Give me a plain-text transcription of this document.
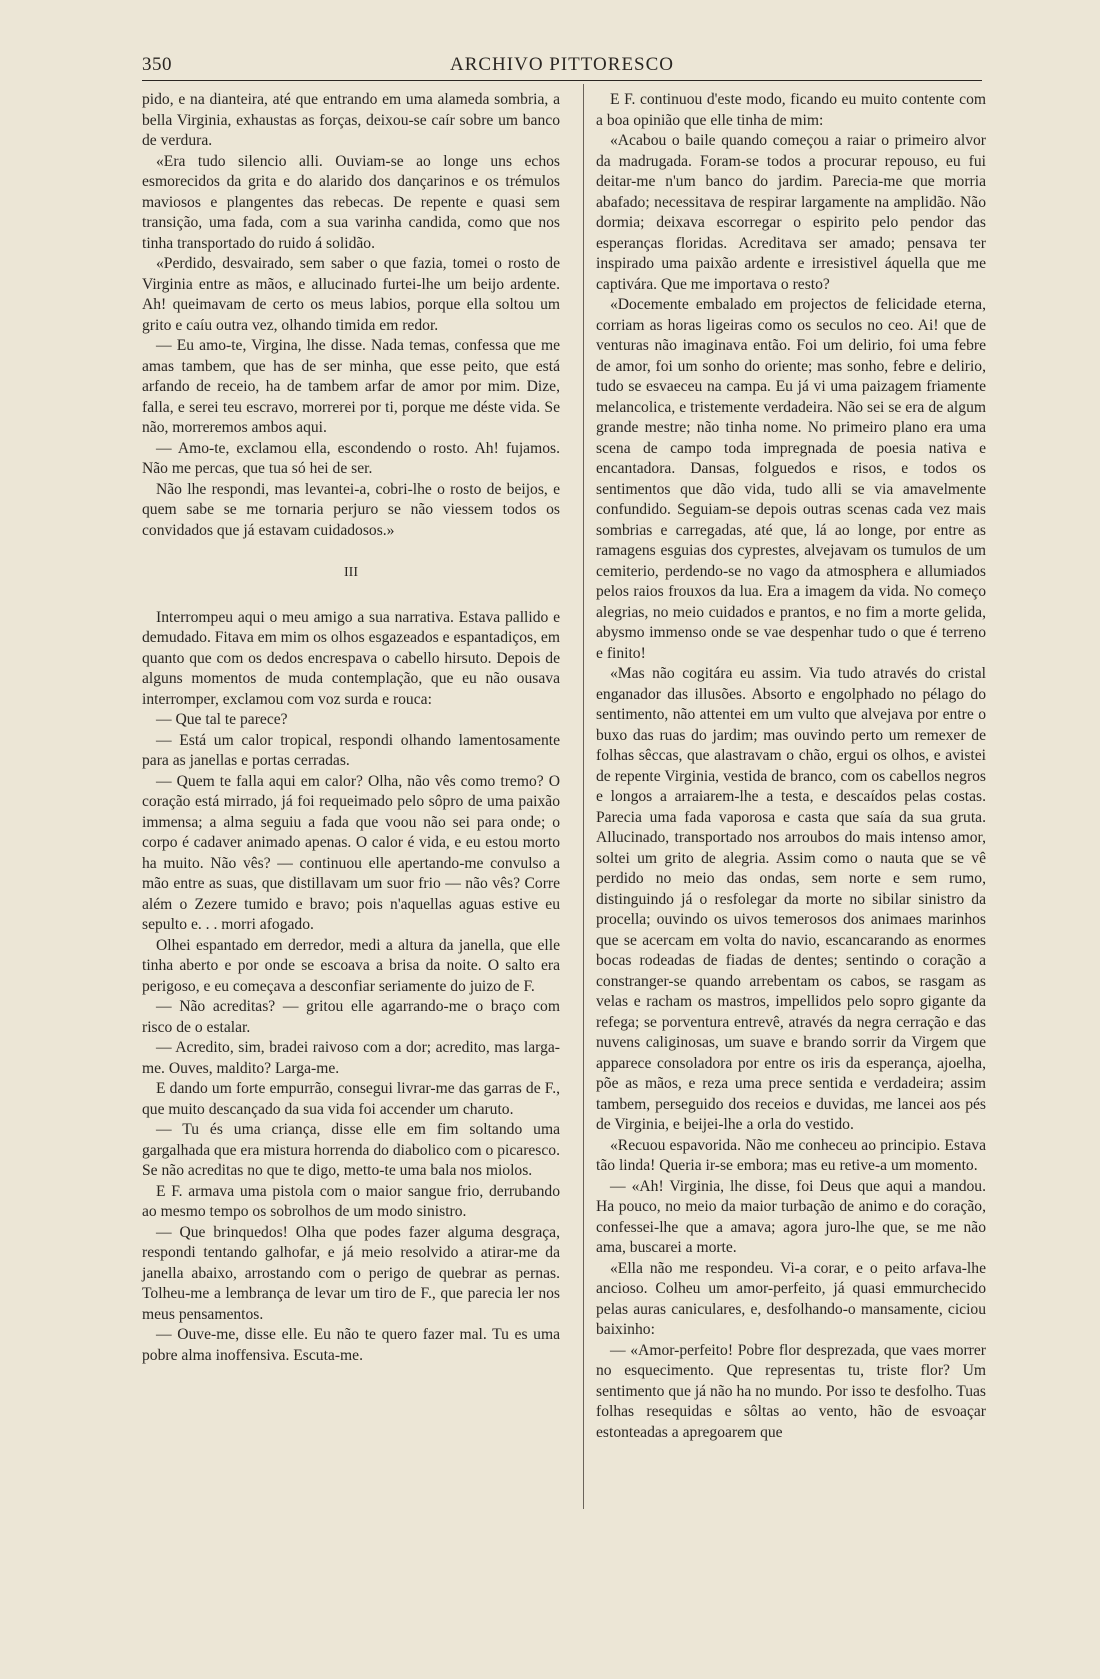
350	ARCHIVO PITTORESCO

pido, e na dianteira, até que entrando em uma alameda sombria, a bella Virginia, exhaustas as forças, deixou-se caír sobre um banco de verdura.

«Era tudo silencio alli. Ouviam-se ao longe uns echos esmorecidos da grita e do alarido dos dançarinos e os trémulos maviosos e plangentes das rebecas. De repente e quasi sem transição, uma fada, com a sua varinha candida, como que nos tinha transportado do ruido á solidão.

«Perdido, desvairado, sem saber o que fazia, tomei o rosto de Virginia entre as mãos, e allucinado furtei-lhe um beijo ardente. Ah! queimavam de certo os meus labios, porque ella soltou um grito e caíu outra vez, olhando timida em redor.

— Eu amo-te, Virgina, lhe disse. Nada temas, confessa que me amas tambem, que has de ser minha, que esse peito, que está arfando de receio, ha de tambem arfar de amor por mim. Dize, falla, e serei teu escravo, morrerei por ti, porque me déste vida. Se não, morreremos ambos aqui.

— Amo-te, exclamou ella, escondendo o rosto. Ah! fujamos. Não me percas, que tua só hei de ser.

Não lhe respondi, mas levantei-a, cobri-lhe o rosto de beijos, e quem sabe se me tornaria perjuro se não viessem todos os convidados que já estavam cuidadosos.»

III

Interrompeu aqui o meu amigo a sua narrativa. Estava pallido e demudado. Fitava em mim os olhos esgazeados e espantadiços, em quanto que com os dedos encrespava o cabello hirsuto. Depois de alguns momentos de muda contemplação, que eu não ousava interromper, exclamou com voz surda e rouca:

— Que tal te parece?

— Está um calor tropical, respondi olhando lamentosamente para as janellas e portas cerradas.

— Quem te falla aqui em calor? Olha, não vês como tremo? O coração está mirrado, já foi requeimado pelo sôpro de uma paixão immensa; a alma seguiu a fada que voou não sei para onde; o corpo é cadaver animado apenas. O calor é vida, e eu estou morto ha muito. Não vês? — continuou elle apertando-me convulso a mão entre as suas, que distillavam um suor frio — não vês? Corre além o Zezere tumido e bravo; pois n'aquellas aguas estive eu sepulto e. . . morri afogado.

Olhei espantado em derredor, medi a altura da janella, que elle tinha aberto e por onde se escoava a brisa da noite. O salto era perigoso, e eu começava a desconfiar seriamente do juizo de F.

— Não acreditas? — gritou elle agarrando-me o braço com risco de o estalar.

— Acredito, sim, bradei raivoso com a dor; acredito, mas larga-me. Ouves, maldito? Larga-me.

E dando um forte empurrão, consegui livrar-me das garras de F., que muito descançado da sua vida foi accender um charuto.

— Tu és uma criança, disse elle em fim soltando uma gargalhada que era mistura horrenda do diabolico com o picaresco. Se não acreditas no que te digo, metto-te uma bala nos miolos.

E F. armava uma pistola com o maior sangue frio, derrubando ao mesmo tempo os sobrolhos de um modo sinistro.

— Que brinquedos! Olha que podes fazer alguma desgraça, respondi tentando galhofar, e já meio resolvido a atirar-me da janella abaixo, arrostando com o perigo de quebrar as pernas. Tolheu-me a lembrança de levar um tiro de F., que parecia ler nos meus pensamentos.

— Ouve-me, disse elle. Eu não te quero fazer mal. Tu es uma pobre alma inoffensiva. Escuta-me.

E F. continuou d'este modo, ficando eu muito contente com a boa opinião que elle tinha de mim:

«Acabou o baile quando começou a raiar o primeiro alvor da madrugada. Foram-se todos a procurar repouso, eu fui deitar-me n'um banco do jardim. Parecia-me que morria abafado; necessitava de respirar largamente na amplidão. Não dormia; deixava escorregar o espirito pelo pendor das esperanças floridas. Acreditava ser amado; pensava ter inspirado uma paixão ardente e irresistivel áquella que me captivára. Que me importava o resto?

«Docemente embalado em projectos de felicidade eterna, corriam as horas ligeiras como os seculos no ceo. Ai! que de venturas não imaginava então. Foi um delirio, foi uma febre de amor, foi um sonho do oriente; mas sonho, febre e delirio, tudo se esvaeceu na campa. Eu já vi uma paizagem friamente melancolica, e tristemente verdadeira. Não sei se era de algum grande mestre; não tinha nome. No primeiro plano era uma scena de campo toda impregnada de poesia nativa e encantadora. Dansas, folguedos e risos, e todos os sentimentos que dão vida, tudo alli se via amavelmente confundido. Seguiam-se depois outras scenas cada vez mais sombrias e carregadas, até que, lá ao longe, por entre as ramagens esguias dos cyprestes, alvejavam os tumulos de um cemiterio, perdendo-se no vago da atmosphera e allumiados pelos raios frouxos da lua. Era a imagem da vida. No começo alegrias, no meio cuidados e prantos, e no fim a morte gelida, abysmo immenso onde se vae despenhar tudo o que é terreno e finito!

«Mas não cogitára eu assim. Via tudo através do cristal enganador das illusões. Absorto e engolphado no pélago do sentimento, não attentei em um vulto que alvejava por entre o buxo das ruas do jardim; mas ouvindo perto um remexer de folhas sêccas, que alastravam o chão, ergui os olhos, e avistei de repente Virginia, vestida de branco, com os cabellos negros e longos a arraiarem-lhe a testa, e descaídos pelas costas. Parecia uma fada vaporosa e casta que saía da sua gruta. Allucinado, transportado nos arroubos do mais intenso amor, soltei um grito de alegria. Assim como o nauta que se vê perdido no meio das ondas, sem norte e sem rumo, distinguindo já o resfolegar da morte no sibilar sinistro da procella; ouvindo os uivos temerosos dos animaes marinhos que se acercam em volta do navio, escancarando as enormes bocas rodeadas de fiadas de dentes; sentindo o coração a constranger-se quando arrebentam os cabos, se rasgam as velas e racham os mastros, impellidos pelo sopro gigante da refega; se porventura entrevê, através da negra cerração e das nuvens caliginosas, um suave e brando sorrir da Virgem que apparece consoladora por entre os iris da esperança, ajoelha, põe as mãos, e reza uma prece sentida e verdadeira; assim tambem, perseguido dos receios e duvidas, me lancei aos pés de Virginia, e beijei-lhe a orla do vestido.

«Recuou espavorida. Não me conheceu ao principio. Estava tão linda! Queria ir-se embora; mas eu retive-a um momento.

— «Ah! Virginia, lhe disse, foi Deus que aqui a mandou. Ha pouco, no meio da maior turbação de animo e do coração, confessei-lhe que a amava; agora juro-lhe que, se me não ama, buscarei a morte.

«Ella não me respondeu. Vi-a corar, e o peito arfava-lhe ancioso. Colheu um amor-perfeito, já quasi emmurchecido pelas auras caniculares, e, desfolhando-o mansamente, ciciou baixinho:

— «Amor-perfeito! Pobre flor desprezada, que vaes morrer no esquecimento. Que representas tu, triste flor? Um sentimento que já não ha no mundo. Por isso te desfolho. Tuas folhas resequidas e sôltas ao vento, hão de esvoaçar estonteadas a apregoarem que
